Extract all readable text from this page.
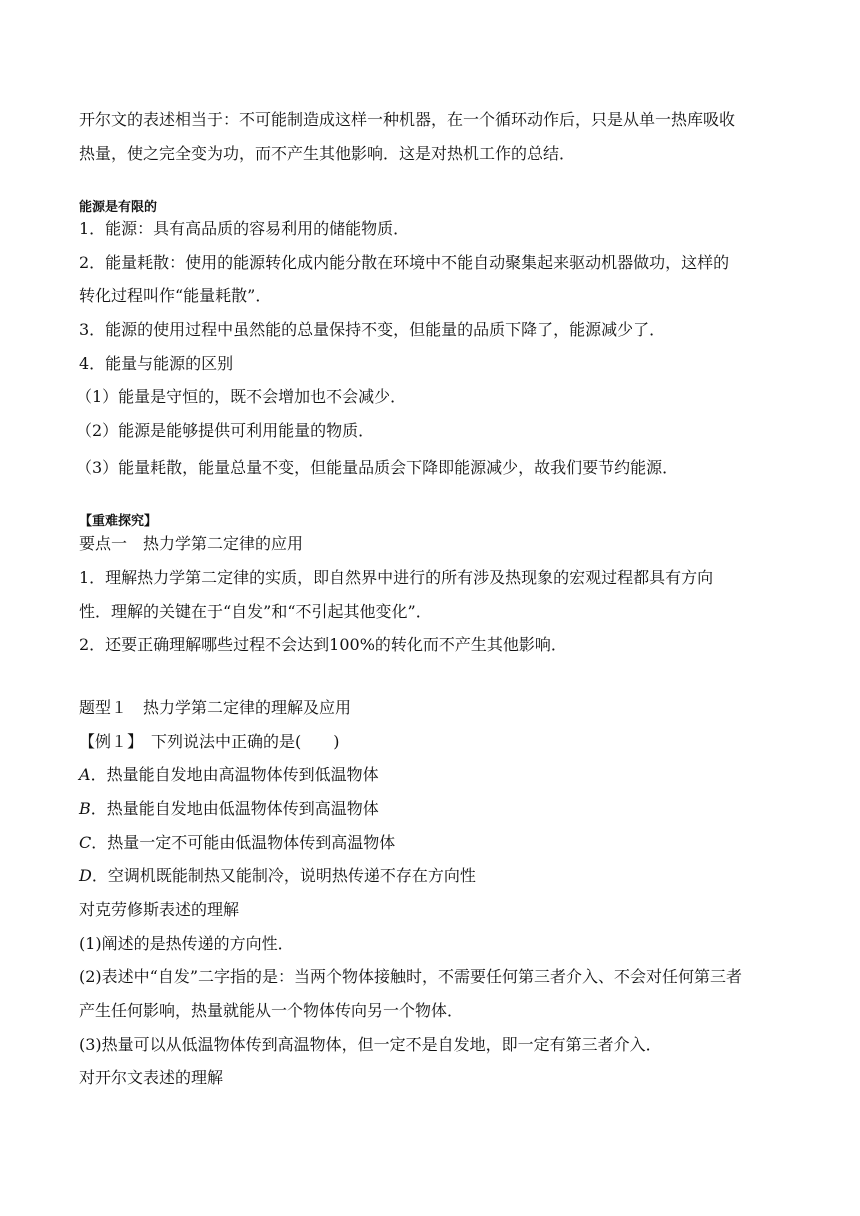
开尔文的表述相当于：不可能制造成这样一种机器，在一个循环动作后，只是从单一热库吸收
热量，使之完全变为功，而不产生其他影响．这是对热机工作的总结．
能源是有限的
1．能源：具有高品质的容易利用的储能物质．
2．能量耗散：使用的能源转化成内能分散在环境中不能自动聚集起来驱动机器做功，这样的
转化过程叫作“能量耗散”．
3．能源的使用过程中虽然能的总量保持不变，但能量的品质下降了，能源减少了．
4．能量与能源的区别
（1）能量是守恒的，既不会增加也不会减少．
（2）能源是能够提供可利用能量的物质．
（3）能量耗散，能量总量不变，但能量品质会下降即能源减少，故我们要节约能源．
【重难探究】
要点一　热力学第二定律的应用
1．理解热力学第二定律的实质，即自然界中进行的所有涉及热现象的宏观过程都具有方向
性．理解的关键在于“自发”和“不引起其他变化”．
2．还要正确理解哪些过程不会达到100%的转化而不产生其他影响．
题型１　热力学第二定律的理解及应用
【例１】　下列说法中正确的是(　　)
A．热量能自发地由高温物体传到低温物体
B．热量能自发地由低温物体传到高温物体
C．热量一定不可能由低温物体传到高温物体
D．空调机既能制热又能制冷，说明热传递不存在方向性
对克劳修斯表述的理解
(1)阐述的是热传递的方向性．
(2)表述中“自发”二字指的是：当两个物体接触时，不需要任何第三者介入、不会对任何第三者
产生任何影响，热量就能从一个物体传向另一个物体．
(3)热量可以从低温物体传到高温物体，但一定不是自发地，即一定有第三者介入．
对开尔文表述的理解
